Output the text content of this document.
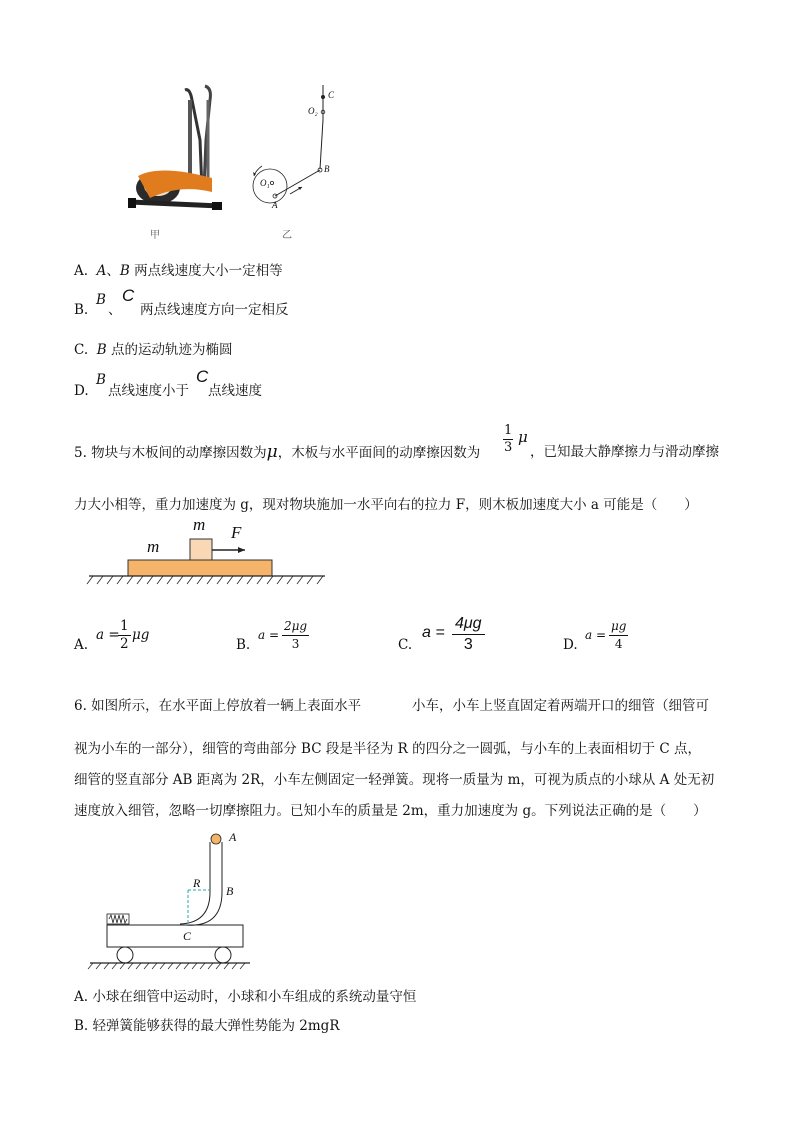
甲
C
O₂
B
O₁
A
乙
A. A、B 两点线速度大小一定相等
B.
B
、
C
两点线速度方向一定相反
C. B 点的运动轨迹为椭圆
D.
B
点线速度小于
C
点线速度
5. 物块与木板间的动摩擦因数为μ，木板与水平面间的动摩擦因数为
1
3
μ
，已知最大静摩擦力与滑动摩擦
力大小相等，重力加速度为 g，现对物块施加一水平向右的拉力 F，则木板加速度大小 a 可能是（　　）
m
m
F
A.
a =
1
2
μg
B.
a =
2μg
3	C.
a =
4μg
3	D.
a =
μg
4
6. 如图所示，在水平面上停放着一辆上表面水平	小车，小车上竖直固定着两端开口的细管（细管可
视为小车的一部分），细管的弯曲部分 BC 段是半径为 R 的四分之一圆弧，与小车的上表面相切于 C 点，
细管的竖直部分 AB 距离为 2R，小车左侧固定一轻弹簧。现将一质量为 m，可视为质点的小球从 A 处无初
速度放入细管，忽略一切摩擦阻力。已知小车的质量是 2m，重力加速度为 g。下列说法正确的是（　　）
A
R
B
C
A. 小球在细管中运动时，小球和小车组成的系统动量守恒
B. 轻弹簧能够获得的最大弹性势能为 2mgR
